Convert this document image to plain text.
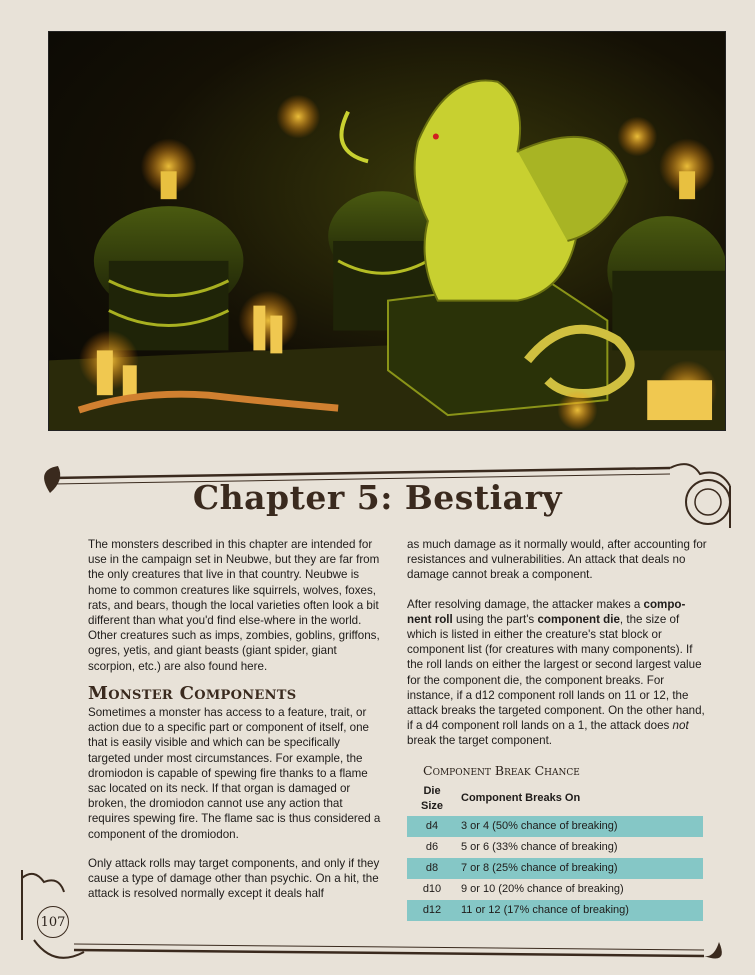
Chapter 5: Bestiary

The monsters described in this chapter are intended for use in the campaign set in Neubwe, but they are far from the only creatures that live in that country. Neubwe is home to common creatures like squirrels, wolves, foxes, rats, and bears, though the local varieties often look a bit different than what you'd find else-where in the world. Other creatures such as imps, zombies, goblins, griffons, ogres, yetis, and giant beasts (giant spider, giant scorpion, etc.) are also found here.

Monster Components

Sometimes a monster has access to a feature, trait, or action due to a specific part or component of itself, one that is easily visible and which can be specifically targeted under most circumstances. For example, the dromiodon is capable of spewing fire thanks to a flame sac located on its neck. If that organ is damaged or broken, the dromiodon cannot use any action that requires spewing fire. The flame sac is thus considered a component of the dromiodon.

Only attack rolls may target components, and only if they cause a type of damage other than psychic. On a hit, the attack is resolved normally except it deals half

as much damage as it normally would, after accounting for resistances and vulnerabilities. An attack that deals no damage cannot break a component.

After resolving damage, the attacker makes a compo-nent roll using the part's component die, the size of which is listed in either the creature's stat block or component list (for creatures with many components). If the roll lands on either the largest or second largest value for the component die, the component breaks. For instance, if a d12 component roll lands on 11 or 12, the attack breaks the targeted component. On the other hand, if a d4 component roll lands on a 1, the attack does not break the target component.

Component Break Chance
Die Size	Component Breaks On
d4	3 or 4 (50% chance of breaking)
d6	5 or 6 (33% chance of breaking)
d8	7 or 8 (25% chance of breaking)
d10	9 or 10 (20% chance of breaking)
d12	11 or 12 (17% chance of breaking)
107
